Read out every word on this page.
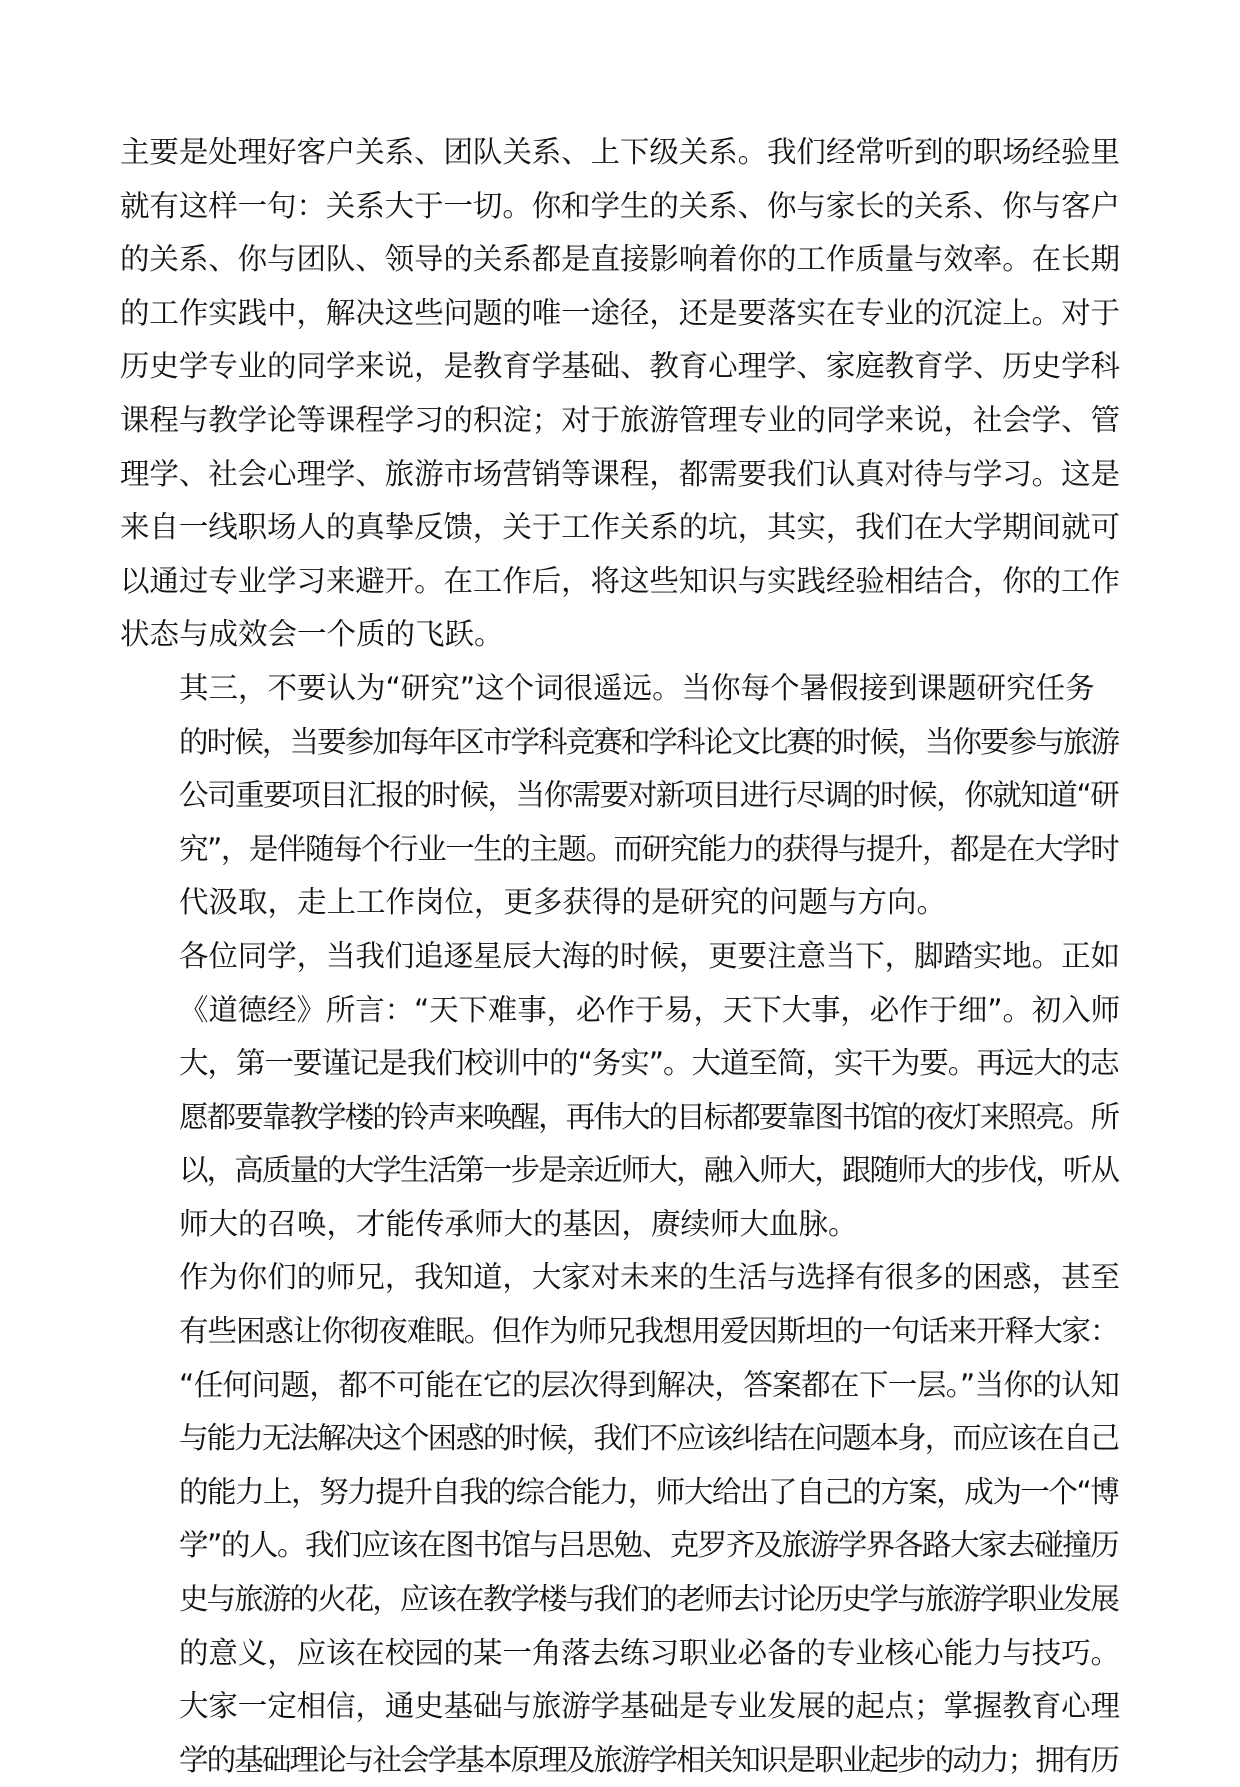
主要是处理好客户关系、团队关系、上下级关系。我们经常听到的职场经验里
就有这样一句：关系大于一切。你和学生的关系、你与家长的关系、你与客户
的关系、你与团队、领导的关系都是直接影响着你的工作质量与效率。在长期
的工作实践中，解决这些问题的唯一途径，还是要落实在专业的沉淀上。对于
历史学专业的同学来说，是教育学基础、教育心理学、家庭教育学、历史学科
课程与教学论等课程学习的积淀；对于旅游管理专业的同学来说，社会学、管
理学、社会心理学、旅游市场营销等课程，都需要我们认真对待与学习。这是
来自一线职场人的真挚反馈，关于工作关系的坑，其实，我们在大学期间就可
以通过专业学习来避开。在工作后，将这些知识与实践经验相结合，你的工作
状态与成效会一个质的飞跃。

其三，不要认为“研究”这个词很遥远。当你每个暑假接到课题研究任务
的时候，当要参加每年区市学科竞赛和学科论文比赛的时候，当你要参与旅游
公司重要项目汇报的时候，当你需要对新项目进行尽调的时候，你就知道“研
究”，是伴随每个行业一生的主题。而研究能力的获得与提升，都是在大学时
代汲取，走上工作岗位，更多获得的是研究的问题与方向。

各位同学，当我们追逐星辰大海的时候，更要注意当下，脚踏实地。正如
《道德经》所言：“天下难事，必作于易，天下大事，必作于细”。初入师
大，第一要谨记是我们校训中的“务实”。大道至简，实干为要。再远大的志
愿都要靠教学楼的铃声来唤醒，再伟大的目标都要靠图书馆的夜灯来照亮。所
以，高质量的大学生活第一步是亲近师大，融入师大，跟随师大的步伐，听从
师大的召唤，才能传承师大的基因，赓续师大血脉。

作为你们的师兄，我知道，大家对未来的生活与选择有很多的困惑，甚至
有些困惑让你彻夜难眠。但作为师兄我想用爱因斯坦的一句话来开释大家：
“任何问题，都不可能在它的层次得到解决，答案都在下一层。”当你的认知
与能力无法解决这个困惑的时候，我们不应该纠结在问题本身，而应该在自己
的能力上，努力提升自我的综合能力，师大给出了自己的方案，成为一个“博
学”的人。我们应该在图书馆与吕思勉、克罗齐及旅游学界各路大家去碰撞历
史与旅游的火花，应该在教学楼与我们的老师去讨论历史学与旅游学职业发展
的意义，应该在校园的某一角落去练习职业必备的专业核心能力与技巧。

大家一定相信，通史基础与旅游学基础是专业发展的起点；掌握教育心理
学的基础理论与社会学基本原理及旅游学相关知识是职业起步的动力；拥有历
